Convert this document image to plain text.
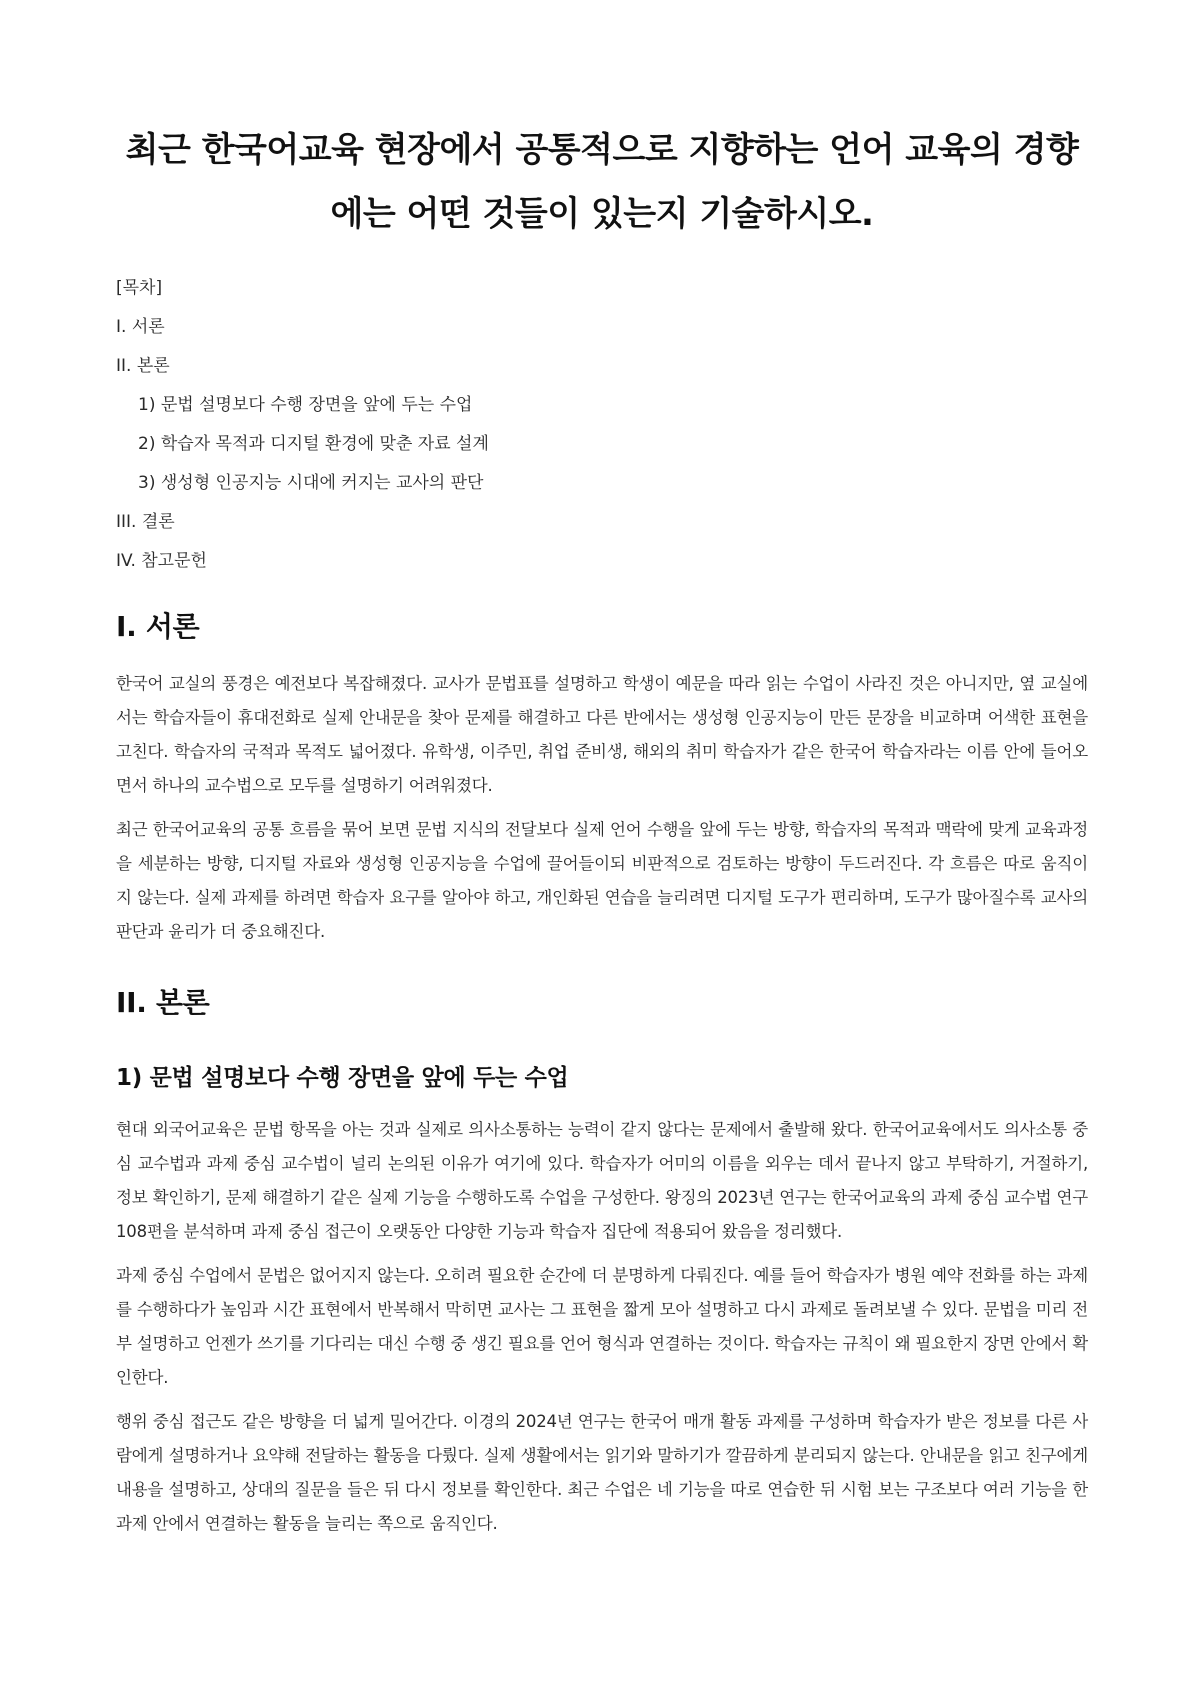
최근 한국어교육 현장에서 공통적으로 지향하는 언어 교육의 경향에는 어떤 것들이 있는지 기술하시오.
[목차]
I. 서론
II. 본론
1) 문법 설명보다 수행 장면을 앞에 두는 수업
2) 학습자 목적과 디지털 환경에 맞춘 자료 설계
3) 생성형 인공지능 시대에 커지는 교사의 판단
III. 결론
IV. 참고문헌
I. 서론

한국어 교실의 풍경은 예전보다 복잡해졌다. 교사가 문법표를 설명하고 학생이 예문을 따라 읽는 수업이 사라진 것은 아니지만, 옆 교실에서는 학습자들이 휴대전화로 실제 안내문을 찾아 문제를 해결하고 다른 반에서는 생성형 인공지능이 만든 문장을 비교하며 어색한 표현을 고친다. 학습자의 국적과 목적도 넓어졌다. 유학생, 이주민, 취업 준비생, 해외의 취미 학습자가 같은 한국어 학습자라는 이름 안에 들어오면서 하나의 교수법으로 모두를 설명하기 어려워졌다.

최근 한국어교육의 공통 흐름을 묶어 보면 문법 지식의 전달보다 실제 언어 수행을 앞에 두는 방향, 학습자의 목적과 맥락에 맞게 교육과정을 세분하는 방향, 디지털 자료와 생성형 인공지능을 수업에 끌어들이되 비판적으로 검토하는 방향이 두드러진다. 각 흐름은 따로 움직이지 않는다. 실제 과제를 하려면 학습자 요구를 알아야 하고, 개인화된 연습을 늘리려면 디지털 도구가 편리하며, 도구가 많아질수록 교사의 판단과 윤리가 더 중요해진다.

II. 본론
1) 문법 설명보다 수행 장면을 앞에 두는 수업

현대 외국어교육은 문법 항목을 아는 것과 실제로 의사소통하는 능력이 같지 않다는 문제에서 출발해 왔다. 한국어교육에서도 의사소통 중심 교수법과 과제 중심 교수법이 널리 논의된 이유가 여기에 있다. 학습자가 어미의 이름을 외우는 데서 끝나지 않고 부탁하기, 거절하기, 정보 확인하기, 문제 해결하기 같은 실제 기능을 수행하도록 수업을 구성한다. 왕징의 2023년 연구는 한국어교육의 과제 중심 교수법 연구 108편을 분석하며 과제 중심 접근이 오랫동안 다양한 기능과 학습자 집단에 적용되어 왔음을 정리했다.

과제 중심 수업에서 문법은 없어지지 않는다. 오히려 필요한 순간에 더 분명하게 다뤄진다. 예를 들어 학습자가 병원 예약 전화를 하는 과제를 수행하다가 높임과 시간 표현에서 반복해서 막히면 교사는 그 표현을 짧게 모아 설명하고 다시 과제로 돌려보낼 수 있다. 문법을 미리 전부 설명하고 언젠가 쓰기를 기다리는 대신 수행 중 생긴 필요를 언어 형식과 연결하는 것이다. 학습자는 규칙이 왜 필요한지 장면 안에서 확인한다.

행위 중심 접근도 같은 방향을 더 넓게 밀어간다. 이경의 2024년 연구는 한국어 매개 활동 과제를 구성하며 학습자가 받은 정보를 다른 사람에게 설명하거나 요약해 전달하는 활동을 다뤘다. 실제 생활에서는 읽기와 말하기가 깔끔하게 분리되지 않는다. 안내문을 읽고 친구에게 내용을 설명하고, 상대의 질문을 들은 뒤 다시 정보를 확인한다. 최근 수업은 네 기능을 따로 연습한 뒤 시험 보는 구조보다 여러 기능을 한 과제 안에서 연결하는 활동을 늘리는 쪽으로 움직인다.
